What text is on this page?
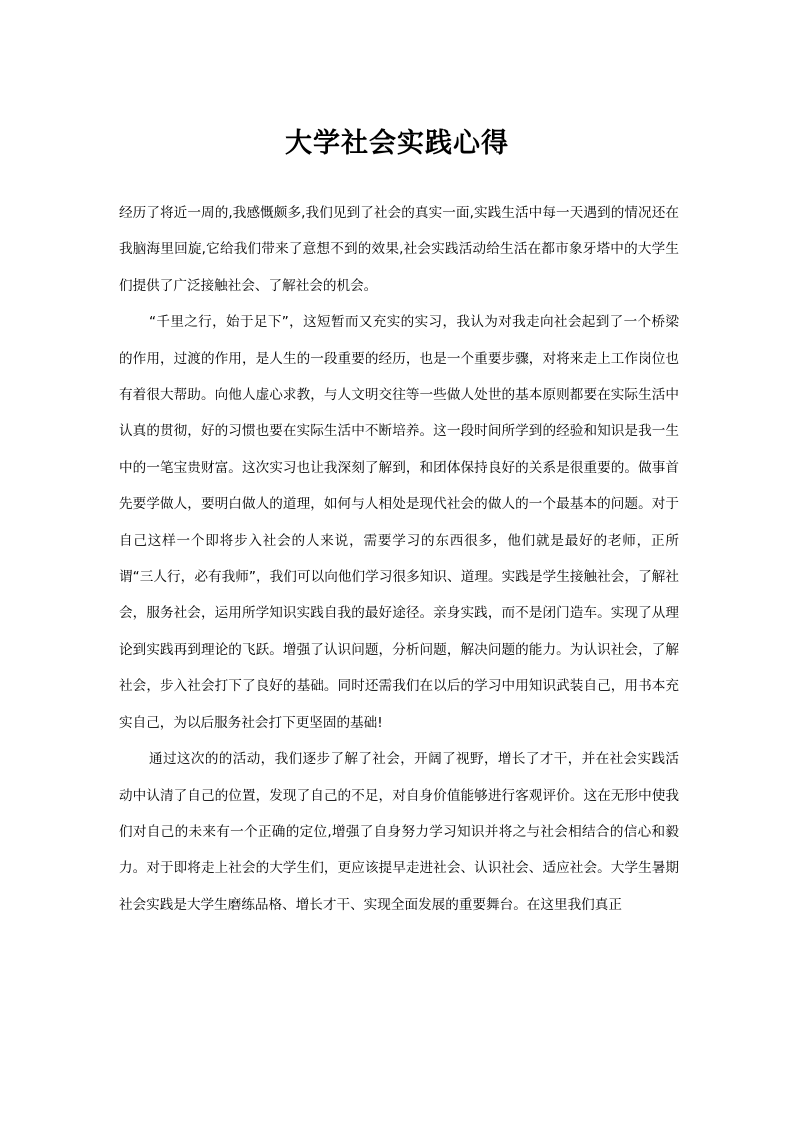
大学社会实践心得

经历了将近一周的,我感慨颇多,我们见到了社会的真实一面,实践生活中每一天遇到的情况还在我脑海里回旋,它给我们带来了意想不到的效果,社会实践活动给生活在都市象牙塔中的大学生们提供了广泛接触社会、了解社会的机会。

“千里之行，始于足下”，这短暂而又充实的实习，我认为对我走向社会起到了一个桥梁的作用，过渡的作用，是人生的一段重要的经历，也是一个重要步骤，对将来走上工作岗位也有着很大帮助。向他人虚心求教，与人文明交往等一些做人处世的基本原则都要在实际生活中认真的贯彻，好的习惯也要在实际生活中不断培养。这一段时间所学到的经验和知识是我一生中的一笔宝贵财富。这次实习也让我深刻了解到，和团体保持良好的关系是很重要的。做事首先要学做人，要明白做人的道理，如何与人相处是现代社会的做人的一个最基本的问题。对于自己这样一个即将步入社会的人来说，需要学习的东西很多，他们就是最好的老师，正所谓“三人行，必有我师”，我们可以向他们学习很多知识、道理。实践是学生接触社会，了解社会，服务社会，运用所学知识实践自我的最好途径。亲身实践，而不是闭门造车。实现了从理论到实践再到理论的飞跃。增强了认识问题，分析问题，解决问题的能力。为认识社会，了解社会，步入社会打下了良好的基础。同时还需我们在以后的学习中用知识武装自己，用书本充实自己，为以后服务社会打下更坚固的基础!

通过这次的的活动，我们逐步了解了社会，开阔了视野，增长了才干，并在社会实践活动中认清了自己的位置，发现了自己的不足，对自身价值能够进行客观评价。这在无形中使我们对自己的未来有一个正确的定位,增强了自身努力学习知识并将之与社会相结合的信心和毅力。对于即将走上社会的大学生们，更应该提早走进社会、认识社会、适应社会。大学生暑期社会实践是大学生磨练品格、增长才干、实现全面发展的重要舞台。在这里我们真正
